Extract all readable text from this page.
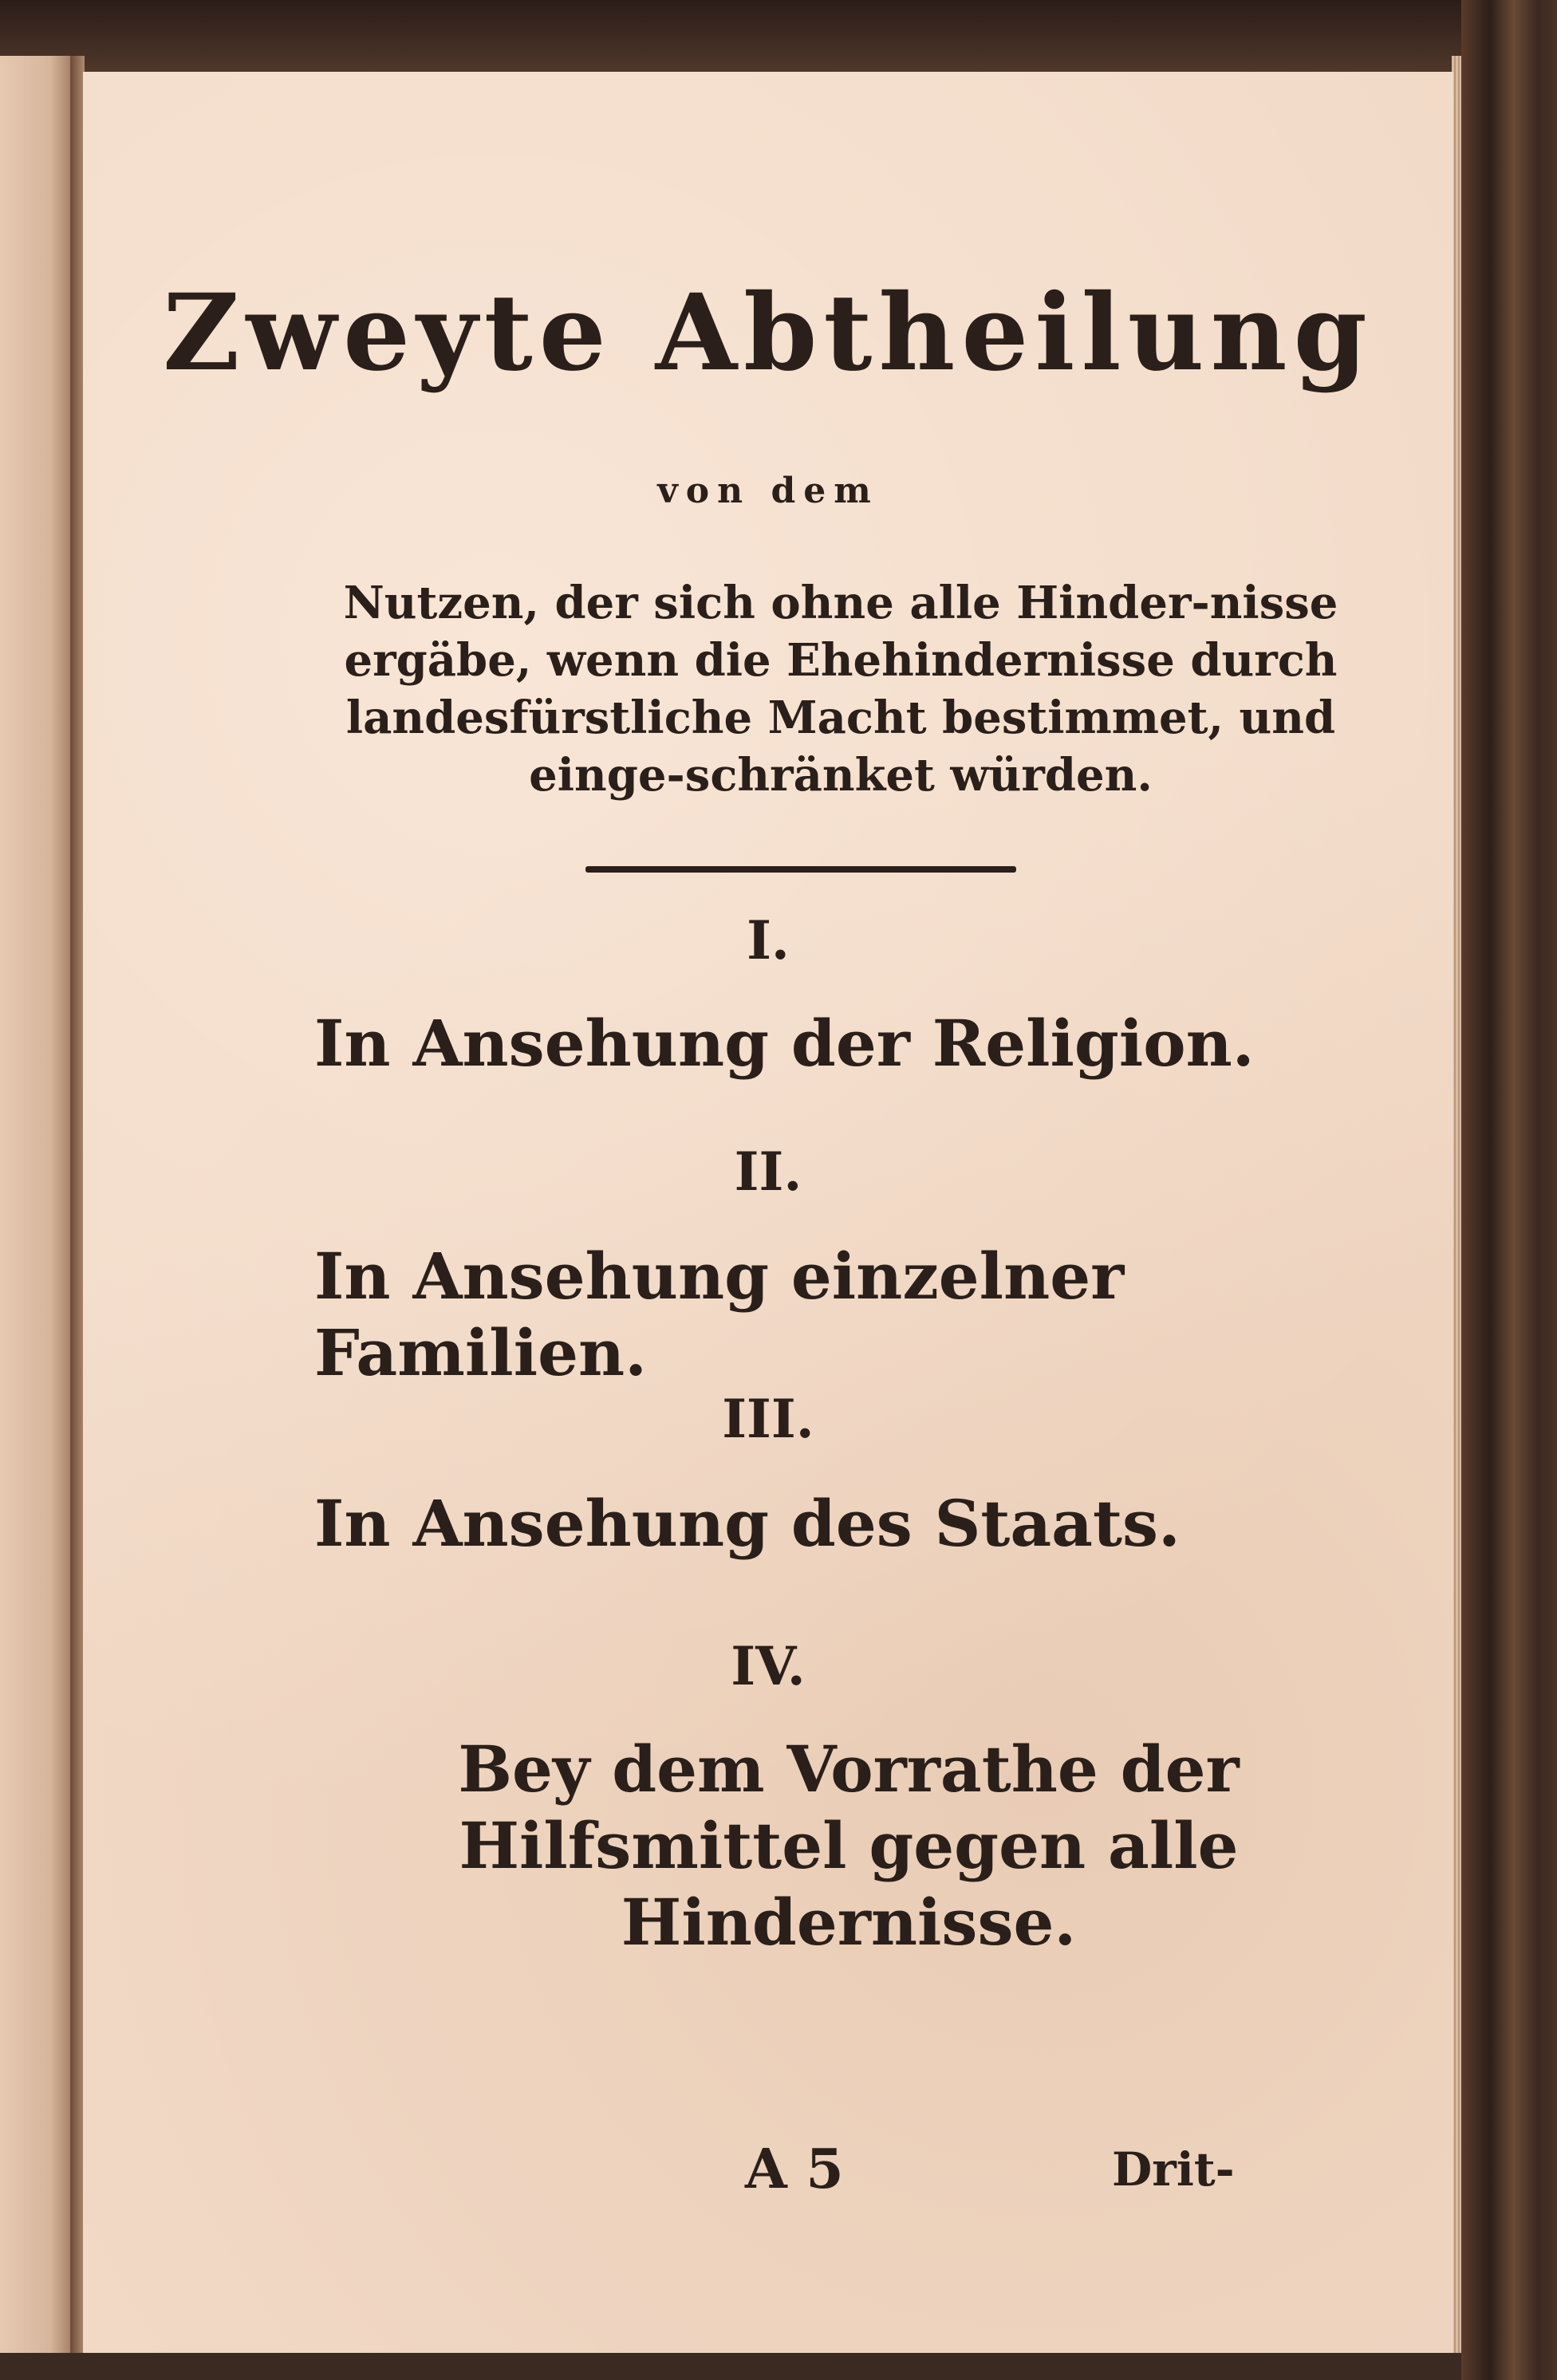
Zweyte Abtheilung
von dem
Nutzen, der sich ohne alle Hinder-nisse ergäbe, wenn die Ehehindernisse durch landesfürstliche Macht bestimmet, und einge-schränket würden.
I.
In Ansehung der Religion.
II.
In Ansehung einzelner Familien.
III.
In Ansehung des Staats.
IV.
Bey dem Vorrathe der Hilfsmittel gegen alle Hindernisse.
A 5	Drit-
